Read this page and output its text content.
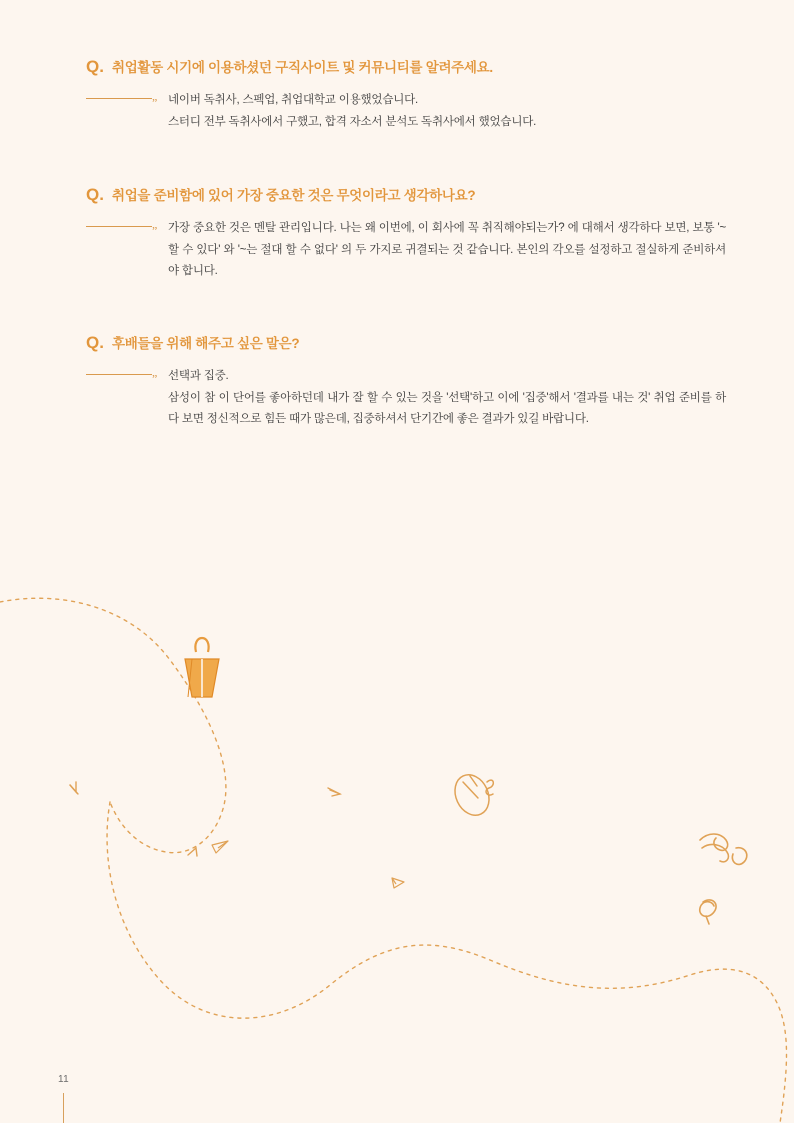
Q. 취업활동 시기에 이용하셨던 구직사이트 및 커뮤니티를 알려주세요.
„ 네이버 독취사, 스펙업, 취업대학교 이용했었습니다.

스터디 전부 독취사에서 구했고, 합격 자소서 분석도 독취사에서 했었습니다.

Q. 취업을 준비함에 있어 가장 중요한 것은 무엇이라고 생각하나요?
„ 가장 중요한 것은 멘탈 관리입니다. 나는 왜 이번에, 이 회사에 꼭 취직해야되는가? 에 대해서 생각하다 보면, 보통 '~할 수 있다' 와 '~는 절대 할 수 없다' 의 두 가지로 귀결되는 것 같습니다. 본인의 각오를 설정하고 절실하게 준비하셔야 합니다.

Q. 후배들을 위해 해주고 싶은 말은?
„ 선택과 집중.

삼성이 참 이 단어를 좋아하던데 내가 잘 할 수 있는 것을 '선택'하고 이에 '집중'해서 '결과를 내는 것' 취업 준비를 하다 보면 정신적으로 힘든 때가 많은데, 집중하셔서 단기간에 좋은 결과가 있길 바랍니다.

11
